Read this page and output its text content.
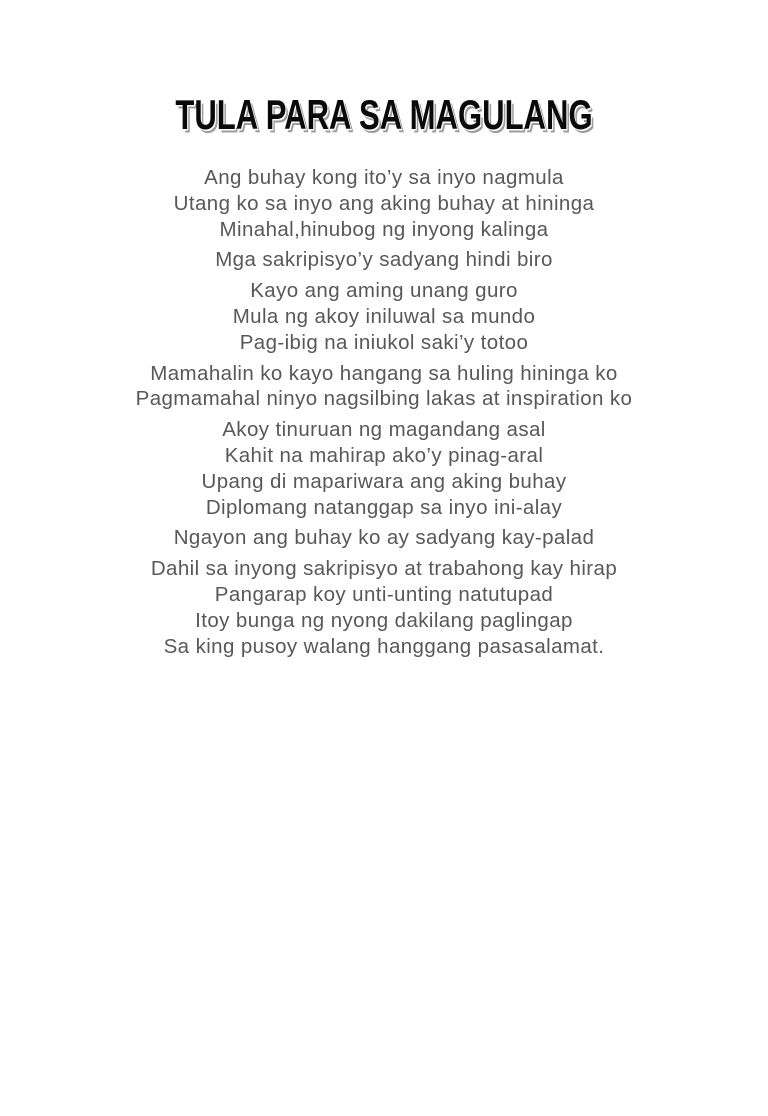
TULA PARA SA MAGULANG

Ang buhay kong ito’y sa inyo nagmula
Utang ko sa inyo ang aking buhay at hininga
Minahal,hinubog ng inyong kalinga

Mga sakripisyo’y sadyang hindi biro

Kayo ang aming unang guro
Mula ng akoy iniluwal sa mundo
Pag-ibig na iniukol saki’y totoo

Mamahalin ko kayo hangang sa huling hininga ko
Pagmamahal ninyo nagsilbing lakas at inspiration ko

Akoy tinuruan ng magandang asal
Kahit na mahirap ako’y pinag-aral
Upang di mapariwara ang aking buhay
Diplomang natanggap sa inyo ini-alay

Ngayon ang buhay ko ay sadyang kay-palad

Dahil sa inyong sakripisyo at trabahong kay hirap
Pangarap koy unti-unting natutupad
Itoy bunga ng nyong dakilang paglingap
Sa king pusoy walang hanggang pasasalamat.
